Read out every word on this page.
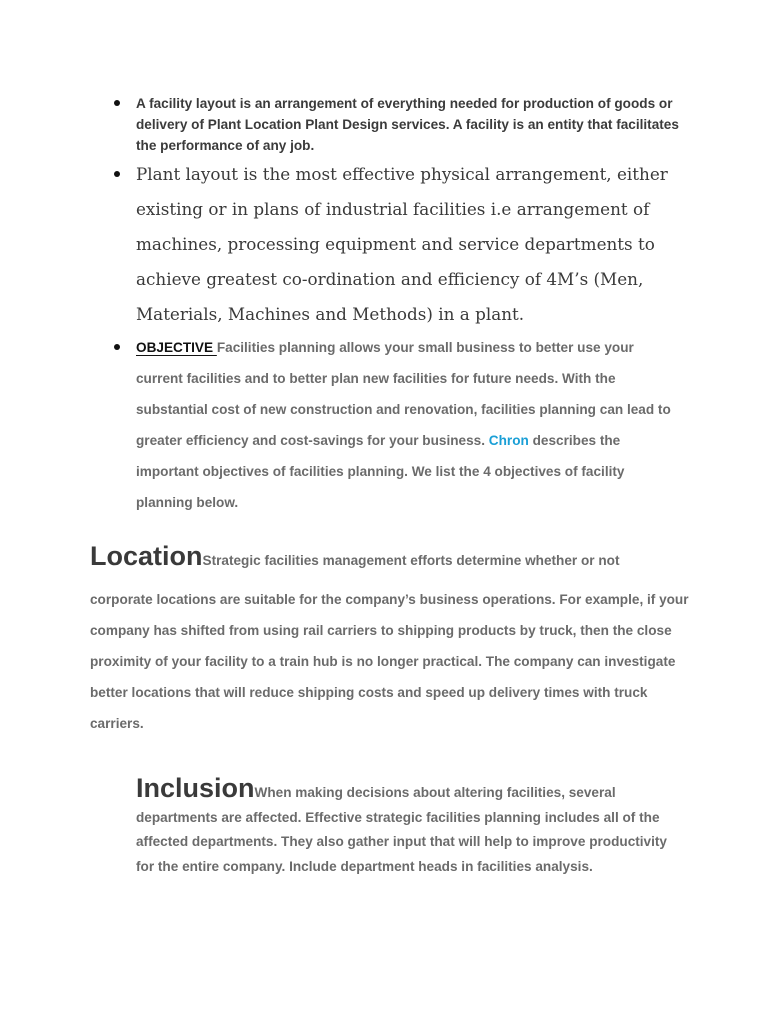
A facility layout is an arrangement of everything needed for production of goods or delivery of Plant Location Plant Design services. A facility is an entity that facilitates the performance of any job.
Plant layout is the most effective physical arrangement, either existing or in plans of industrial facilities i.e arrangement of machines, processing equipment and service departments to achieve greatest co-ordination and efficiency of 4M’s (Men, Materials, Machines and Methods) in a plant.
OBJECTIVE Facilities planning allows your small business to better use your current facilities and to better plan new facilities for future needs. With the substantial cost of new construction and renovation, facilities planning can lead to greater efficiency and cost-savings for your business. Chron describes the important objectives of facilities planning. We list the 4 objectives of facility planning below.
LocationStrategic facilities management efforts determine whether or not
corporate locations are suitable for the company’s business operations. For example, if your company has shifted from using rail carriers to shipping products by truck, then the close proximity of your facility to a train hub is no longer practical. The company can investigate better locations that will reduce shipping costs and speed up delivery times with truck carriers.
InclusionWhen making decisions about altering facilities, several departments are affected. Effective strategic facilities planning includes all of the affected departments. They also gather input that will help to improve productivity for the entire company. Include department heads in facilities analysis.
